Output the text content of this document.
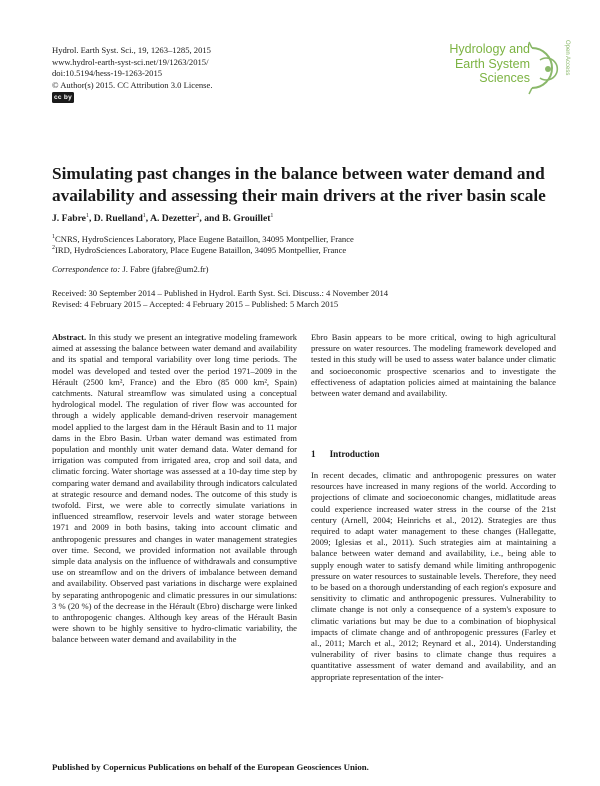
Hydrol. Earth Syst. Sci., 19, 1263–1285, 2015
www.hydrol-earth-syst-sci.net/19/1263/2015/
doi:10.5194/hess-19-1263-2015
© Author(s) 2015. CC Attribution 3.0 License.
cc by
Hydrology and
Earth System
Sciences
Open Access
Simulating past changes in the balance between water demand and availability and assessing their main drivers at the river basin scale
J. Fabre$^1$, D. Ruelland$^1$, A. Dezetter$^2$, and B. Grouillet$^1$
$^1$CNRS, HydroSciences Laboratory, Place Eugene Bataillon, 34095 Montpellier, France
$^2$IRD, HydroSciences Laboratory, Place Eugene Bataillon, 34095 Montpellier, France
Correspondence to: J. Fabre (jfabre@um2.fr)
Received: 30 September 2014 – Published in Hydrol. Earth Syst. Sci. Discuss.: 4 November 2014
Revised: 4 February 2015 – Accepted: 4 February 2015 – Published: 5 March 2015
Abstract. In this study we present an integrative modeling framework aimed at assessing the balance between water demand and availability and its spatial and temporal variability over long time periods. The model was developed and tested over the period 1971–2009 in the Hérault (2500 km², France) and the Ebro (85 000 km², Spain) catchments. Natural streamflow was simulated using a conceptual hydrological model. The regulation of river flow was accounted for through a widely applicable demand-driven reservoir management model applied to the largest dam in the Hérault Basin and to 11 major dams in the Ebro Basin. Urban water demand was estimated from population and monthly unit water demand data. Water demand for irrigation was computed from irrigated area, crop and soil data, and climatic forcing. Water shortage was assessed at a 10-day time step by comparing water demand and availability through indicators calculated at strategic resource and demand nodes. The outcome of this study is twofold. First, we were able to correctly simulate variations in influenced streamflow, reservoir levels and water storage between 1971 and 2009 in both basins, taking into account climatic and anthropogenic pressures and changes in water management strategies over time. Second, we provided information not available through simple data analysis on the influence of withdrawals and consumptive use on streamflow and on the drivers of imbalance between demand and availability. Observed past variations in discharge were explained by separating anthropogenic and climatic pressures in our simulations: 3 % (20 %) of the decrease in the Hérault (Ebro) discharge were linked to anthropogenic changes. Although key areas of the Hérault Basin were shown to be highly sensitive to hydro-climatic variability, the balance between water demand and availability in the
Ebro Basin appears to be more critical, owing to high agricultural pressure on water resources. The modeling framework developed and tested in this study will be used to assess water balance under climatic and socioeconomic prospective scenarios and to investigate the effectiveness of adaptation policies aimed at maintaining the balance between water demand and availability.
1 Introduction
In recent decades, climatic and anthropogenic pressures on water resources have increased in many regions of the world. According to projections of climate and socioeconomic changes, midlatitude areas could experience increased water stress in the course of the 21st century (Arnell, 2004; Heinrichs et al., 2012). Strategies are thus required to adapt water management to these changes (Hallegatte, 2009; Iglesias et al., 2011). Such strategies aim at maintaining a balance between water demand and availability, i.e., being able to supply enough water to satisfy demand while limiting anthropogenic pressure on water resources to sustainable levels. Therefore, they need to be based on a thorough understanding of each region's exposure and sensitivity to climatic and anthropogenic pressures. Vulnerability to climate change is not only a consequence of a system's exposure to climatic variations but may be due to a combination of biophysical impacts of climate change and of anthropogenic pressures (Farley et al., 2011; March et al., 2012; Reynard et al., 2014). Understanding vulnerability of river basins to climate change thus requires a quantitative assessment of water demand and availability, and an appropriate representation of the inter-
Published by Copernicus Publications on behalf of the European Geosciences Union.
